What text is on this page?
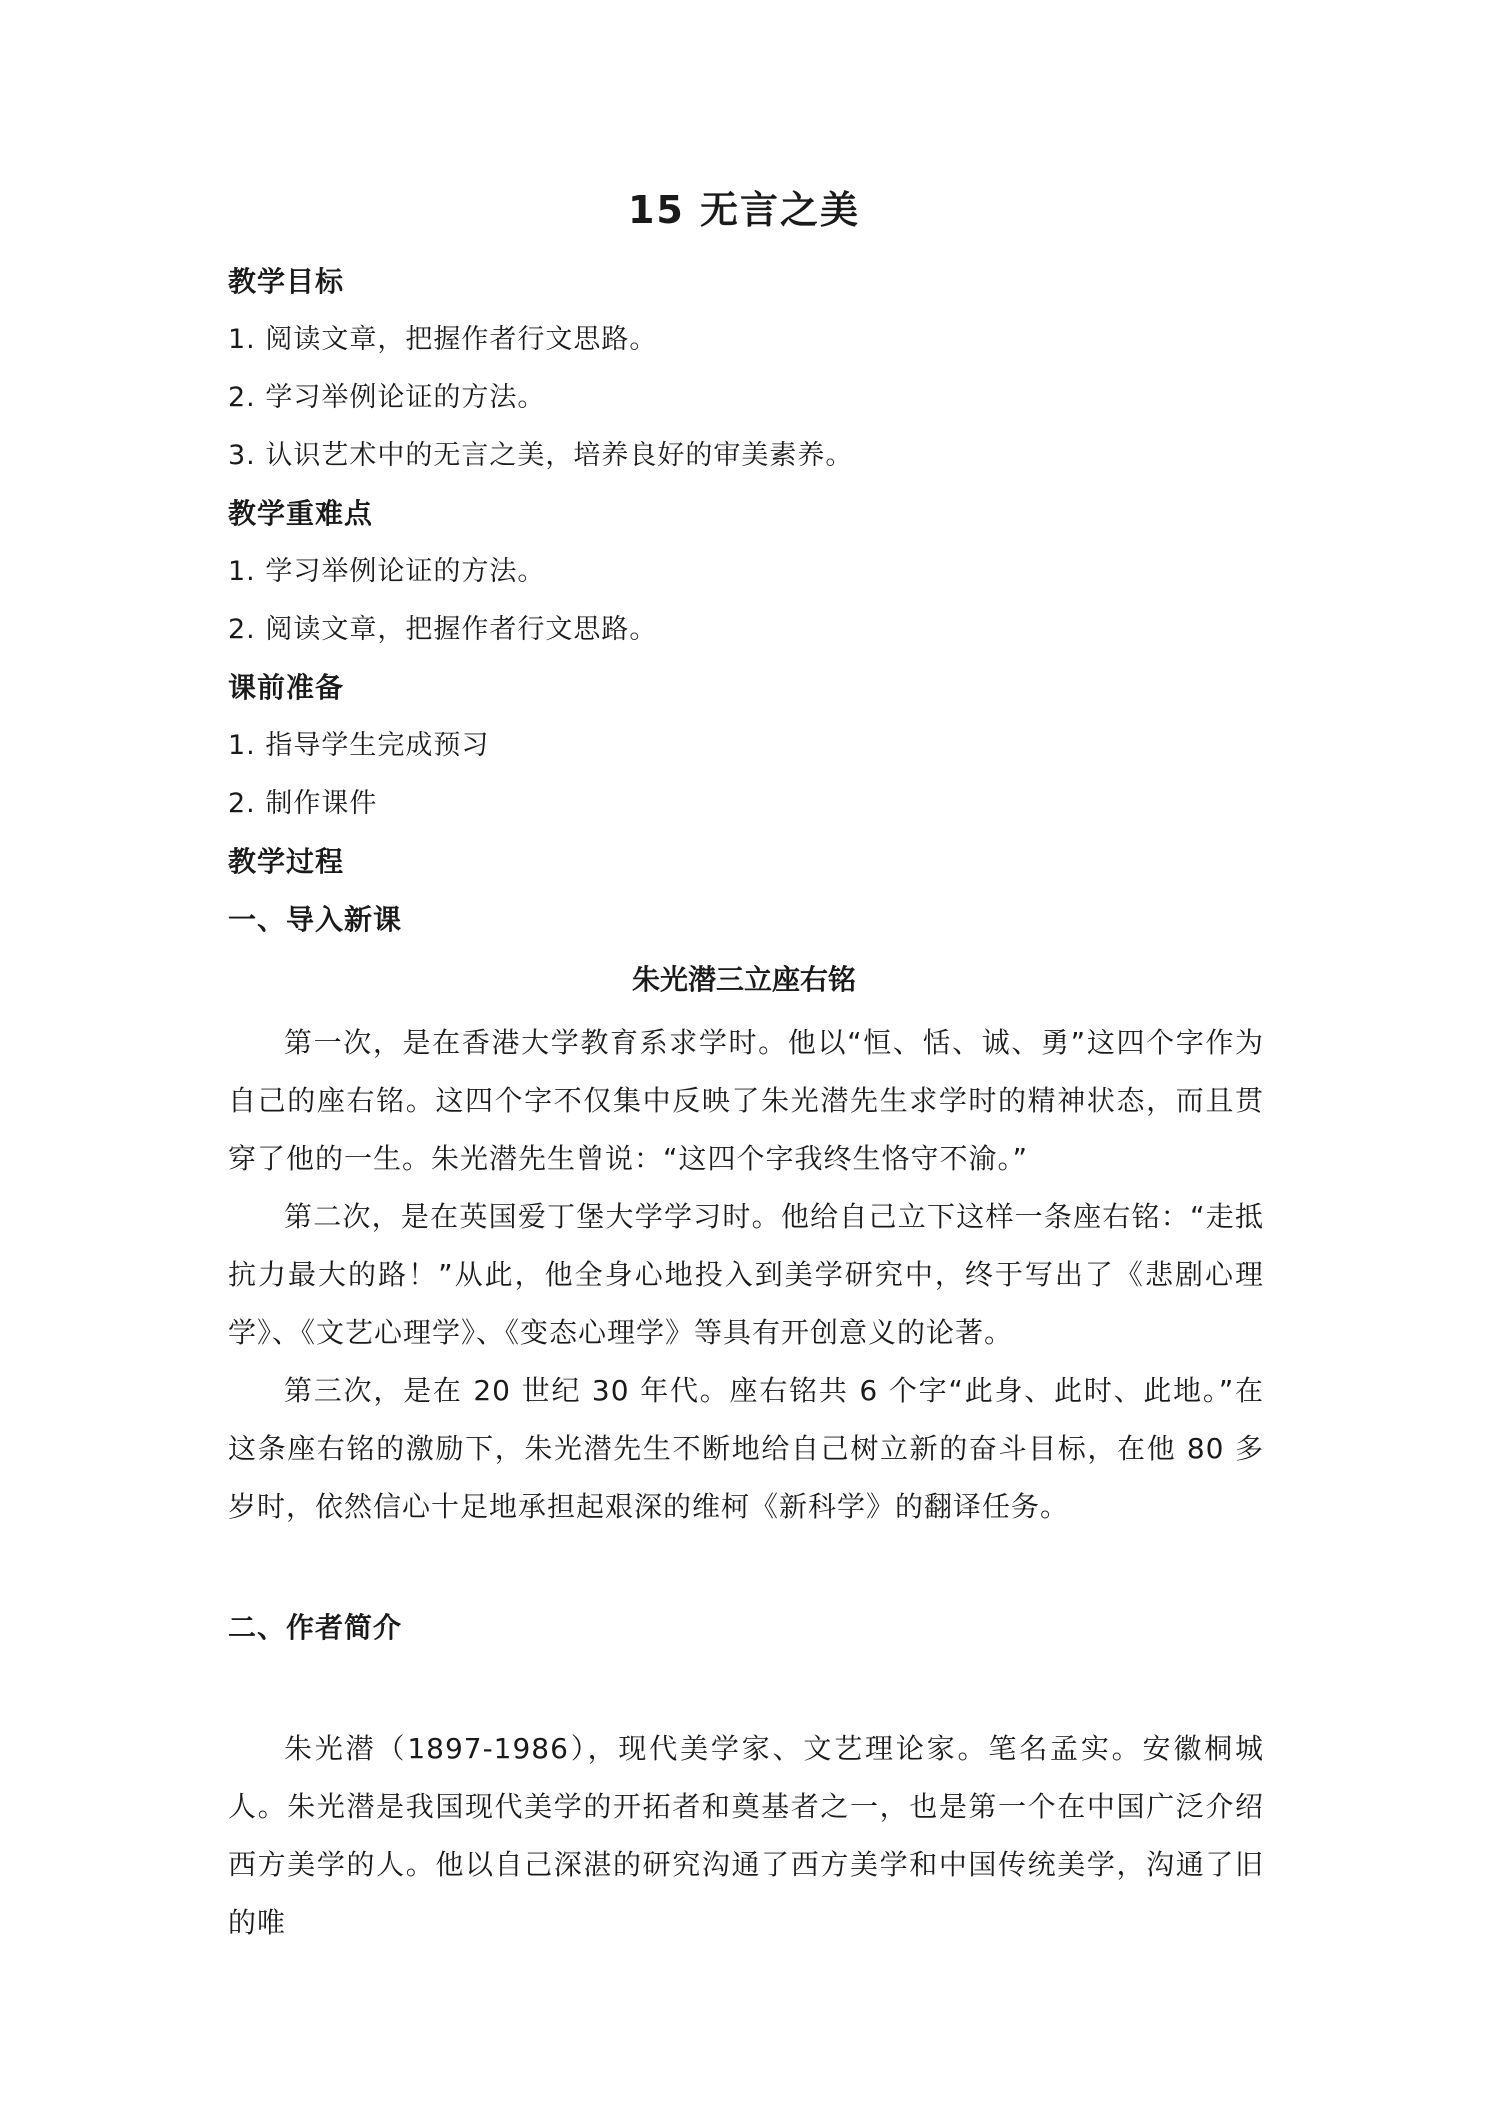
15 无言之美
教学目标
1. 阅读文章，把握作者行文思路。
2. 学习举例论证的方法。
3. 认识艺术中的无言之美，培养良好的审美素养。
教学重难点
1. 学习举例论证的方法。
2. 阅读文章，把握作者行文思路。
课前准备
1. 指导学生完成预习
2. 制作课件
教学过程
一、导入新课
朱光潜三立座右铭
第一次，是在香港大学教育系求学时。他以“恒、恬、诚、勇”这四个字作为自己的座右铭。这四个字不仅集中反映了朱光潜先生求学时的精神状态，而且贯穿了他的一生。朱光潜先生曾说：“这四个字我终生恪守不渝。”
第二次，是在英国爱丁堡大学学习时。他给自己立下这样一条座右铭：“走抵抗力最大的路！”从此，他全身心地投入到美学研究中，终于写出了《悲剧心理学》、《文艺心理学》、《变态心理学》等具有开创意义的论著。
第三次，是在 20 世纪 30 年代。座右铭共 6 个字“此身、此时、此地。”在这条座右铭的激励下，朱光潜先生不断地给自己树立新的奋斗目标，在他 80 多岁时，依然信心十足地承担起艰深的维柯《新科学》的翻译任务。
二、作者简介
朱光潜（1897-1986），现代美学家、文艺理论家。笔名孟实。安徽桐城人。朱光潜是我国现代美学的开拓者和奠基者之一，也是第一个在中国广泛介绍西方美学的人。他以自己深湛的研究沟通了西方美学和中国传统美学，沟通了旧的唯
